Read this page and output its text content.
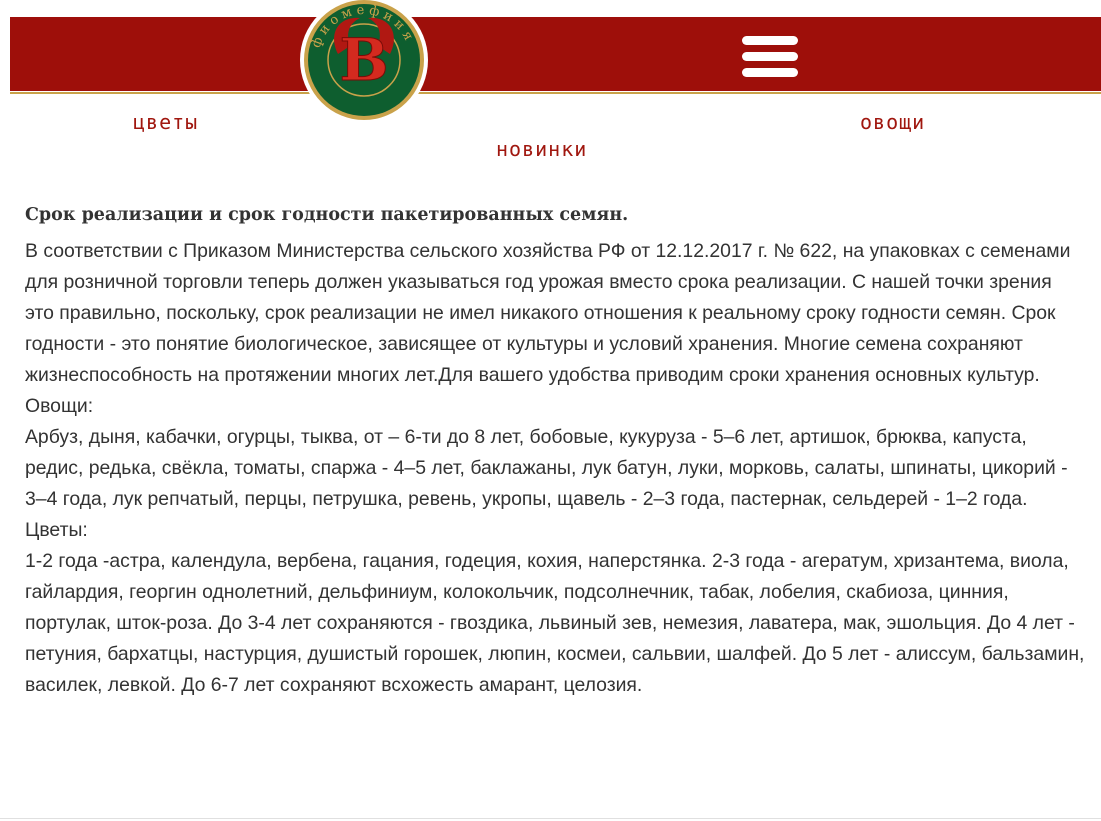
B
ф и о м е ф и и я
цветы
новинки
овощи
Срок реализации и срок годности пакетированных семян.

В соответствии с Приказом Министерства сельского хозяйства РФ от 12.12.2017 г. № 622, на упаковках с семенами для розничной торговли теперь должен указываться год урожая вместо срока реализации. С нашей точки зрения это правильно, поскольку, срок реализации не имел никакого отношения к реальному сроку годности семян. Срок годности - это понятие биологическое, зависящее от культуры и условий хранения. Многие семена сохраняют жизнеспособность на протяжении многих лет.Для вашего удобства приводим сроки хранения основных культур.

Овощи:

Арбуз, дыня, кабачки, огурцы, тыква, от – 6-ти до 8 лет, бобовые, кукуруза - 5–6 лет, артишок, брюква, капуста, редис, редька, свёкла, томаты, спаржа - 4–5 лет, баклажаны, лук батун, луки, морковь, салаты, шпинаты, цикорий - 3–4 года, лук репчатый, перцы, петрушка, ревень, укропы, щавель - 2–3 года, пастернак, сельдерей - 1–2 года.

Цветы:

1-2 года -астра, календула, вербена, гацания, годеция, кохия, наперстянка. 2-3 года - агератум, хризантема, виола, гайлардия, георгин однолетний, дельфиниум, колокольчик, подсолнечник, табак, лобелия, скабиоза, цинния, портулак, шток-роза. До 3-4 лет сохраняются - гвоздика, львиный зев, немезия, лаватера, мак, эшольция. До 4 лет - петуния, бархатцы, настурция, душистый горошек, люпин, космеи, сальвии, шалфей. До 5 лет - алиссум, бальзамин, василек, левкой. До 6-7 лет сохраняют всхожесть амарант, целозия.
